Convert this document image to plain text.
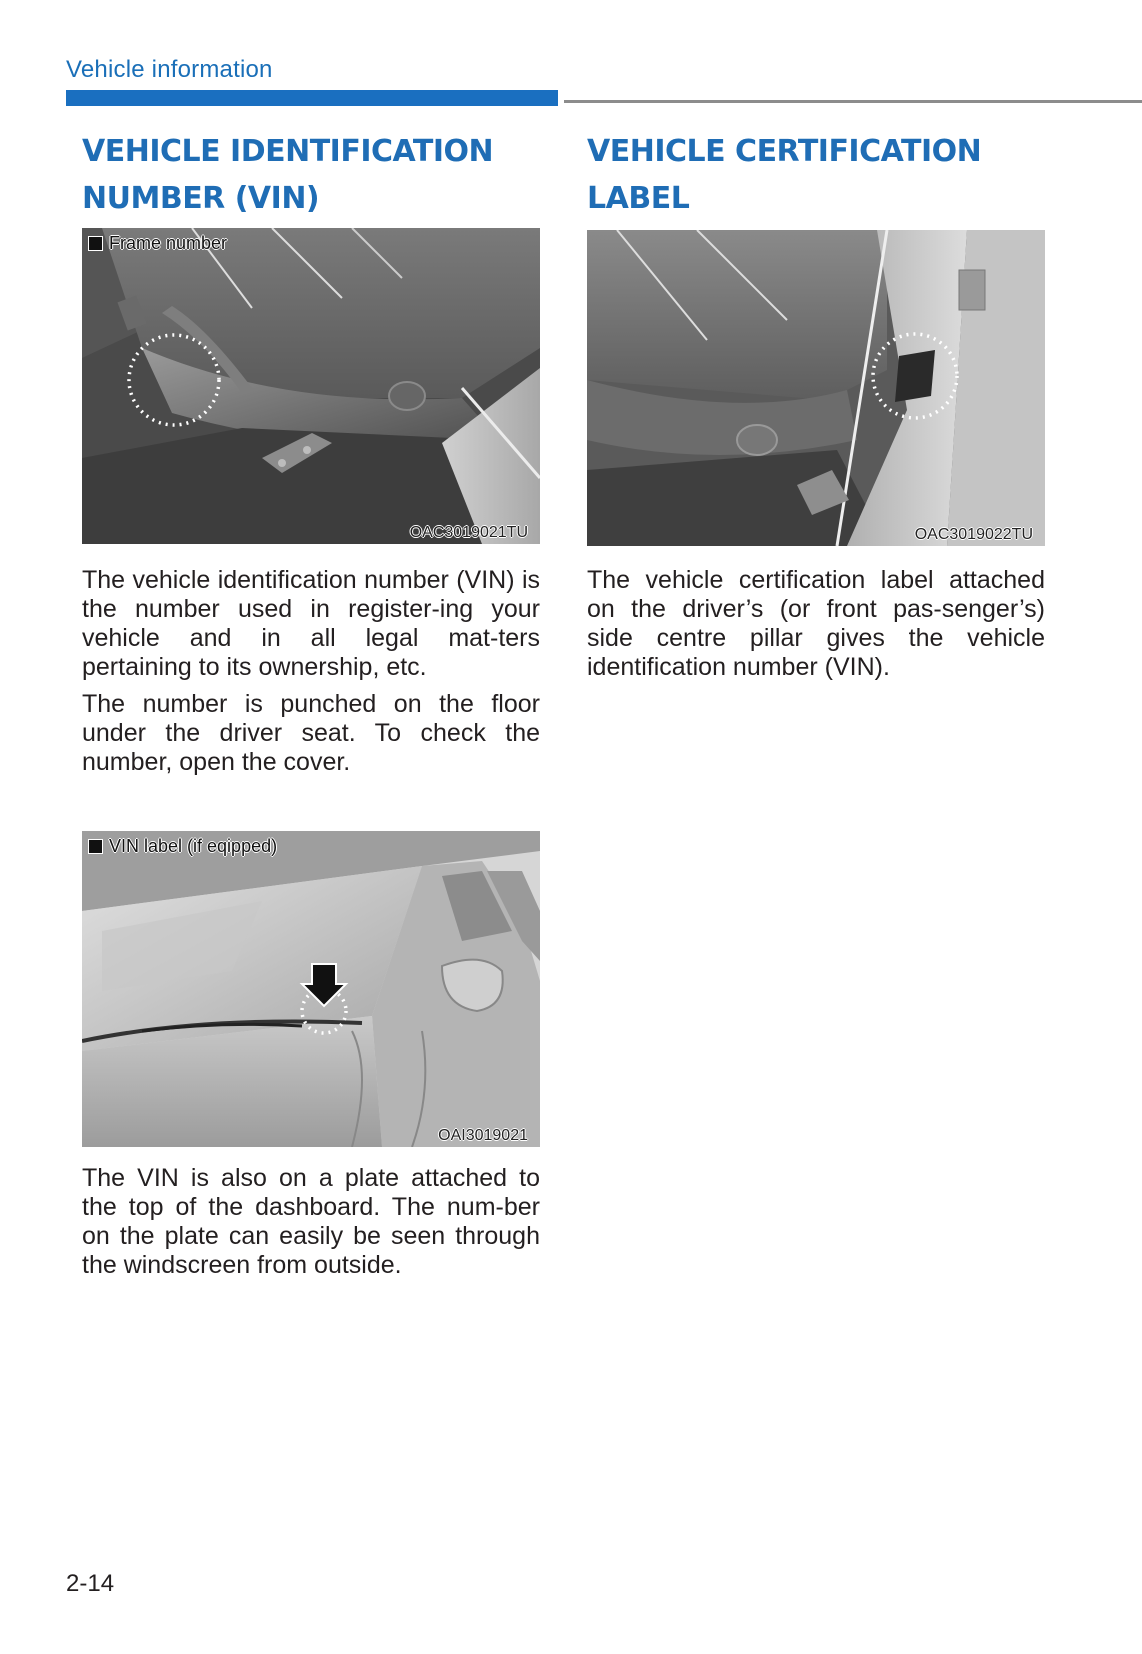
Vehicle information
VEHICLE IDENTIFICATION NUMBER (VIN)
VEHICLE CERTIFICATION LABEL
Frame number
OAC3019021TU	OAC3019022TU

The vehicle identification number (VIN) is the number used in register-ing your vehicle and in all legal mat-ters pertaining to its ownership, etc.

The number is punched on the floor under the driver seat. To check the number, open the cover.

The vehicle certification label attached on the driver’s (or front pas-senger’s) side centre pillar gives the vehicle identification number (VIN).

VIN label (if eqipped)
OAI3019021

The VIN is also on a plate attached to the top of the dashboard. The num-ber on the plate can easily be seen through the windscreen from outside.

2-14
